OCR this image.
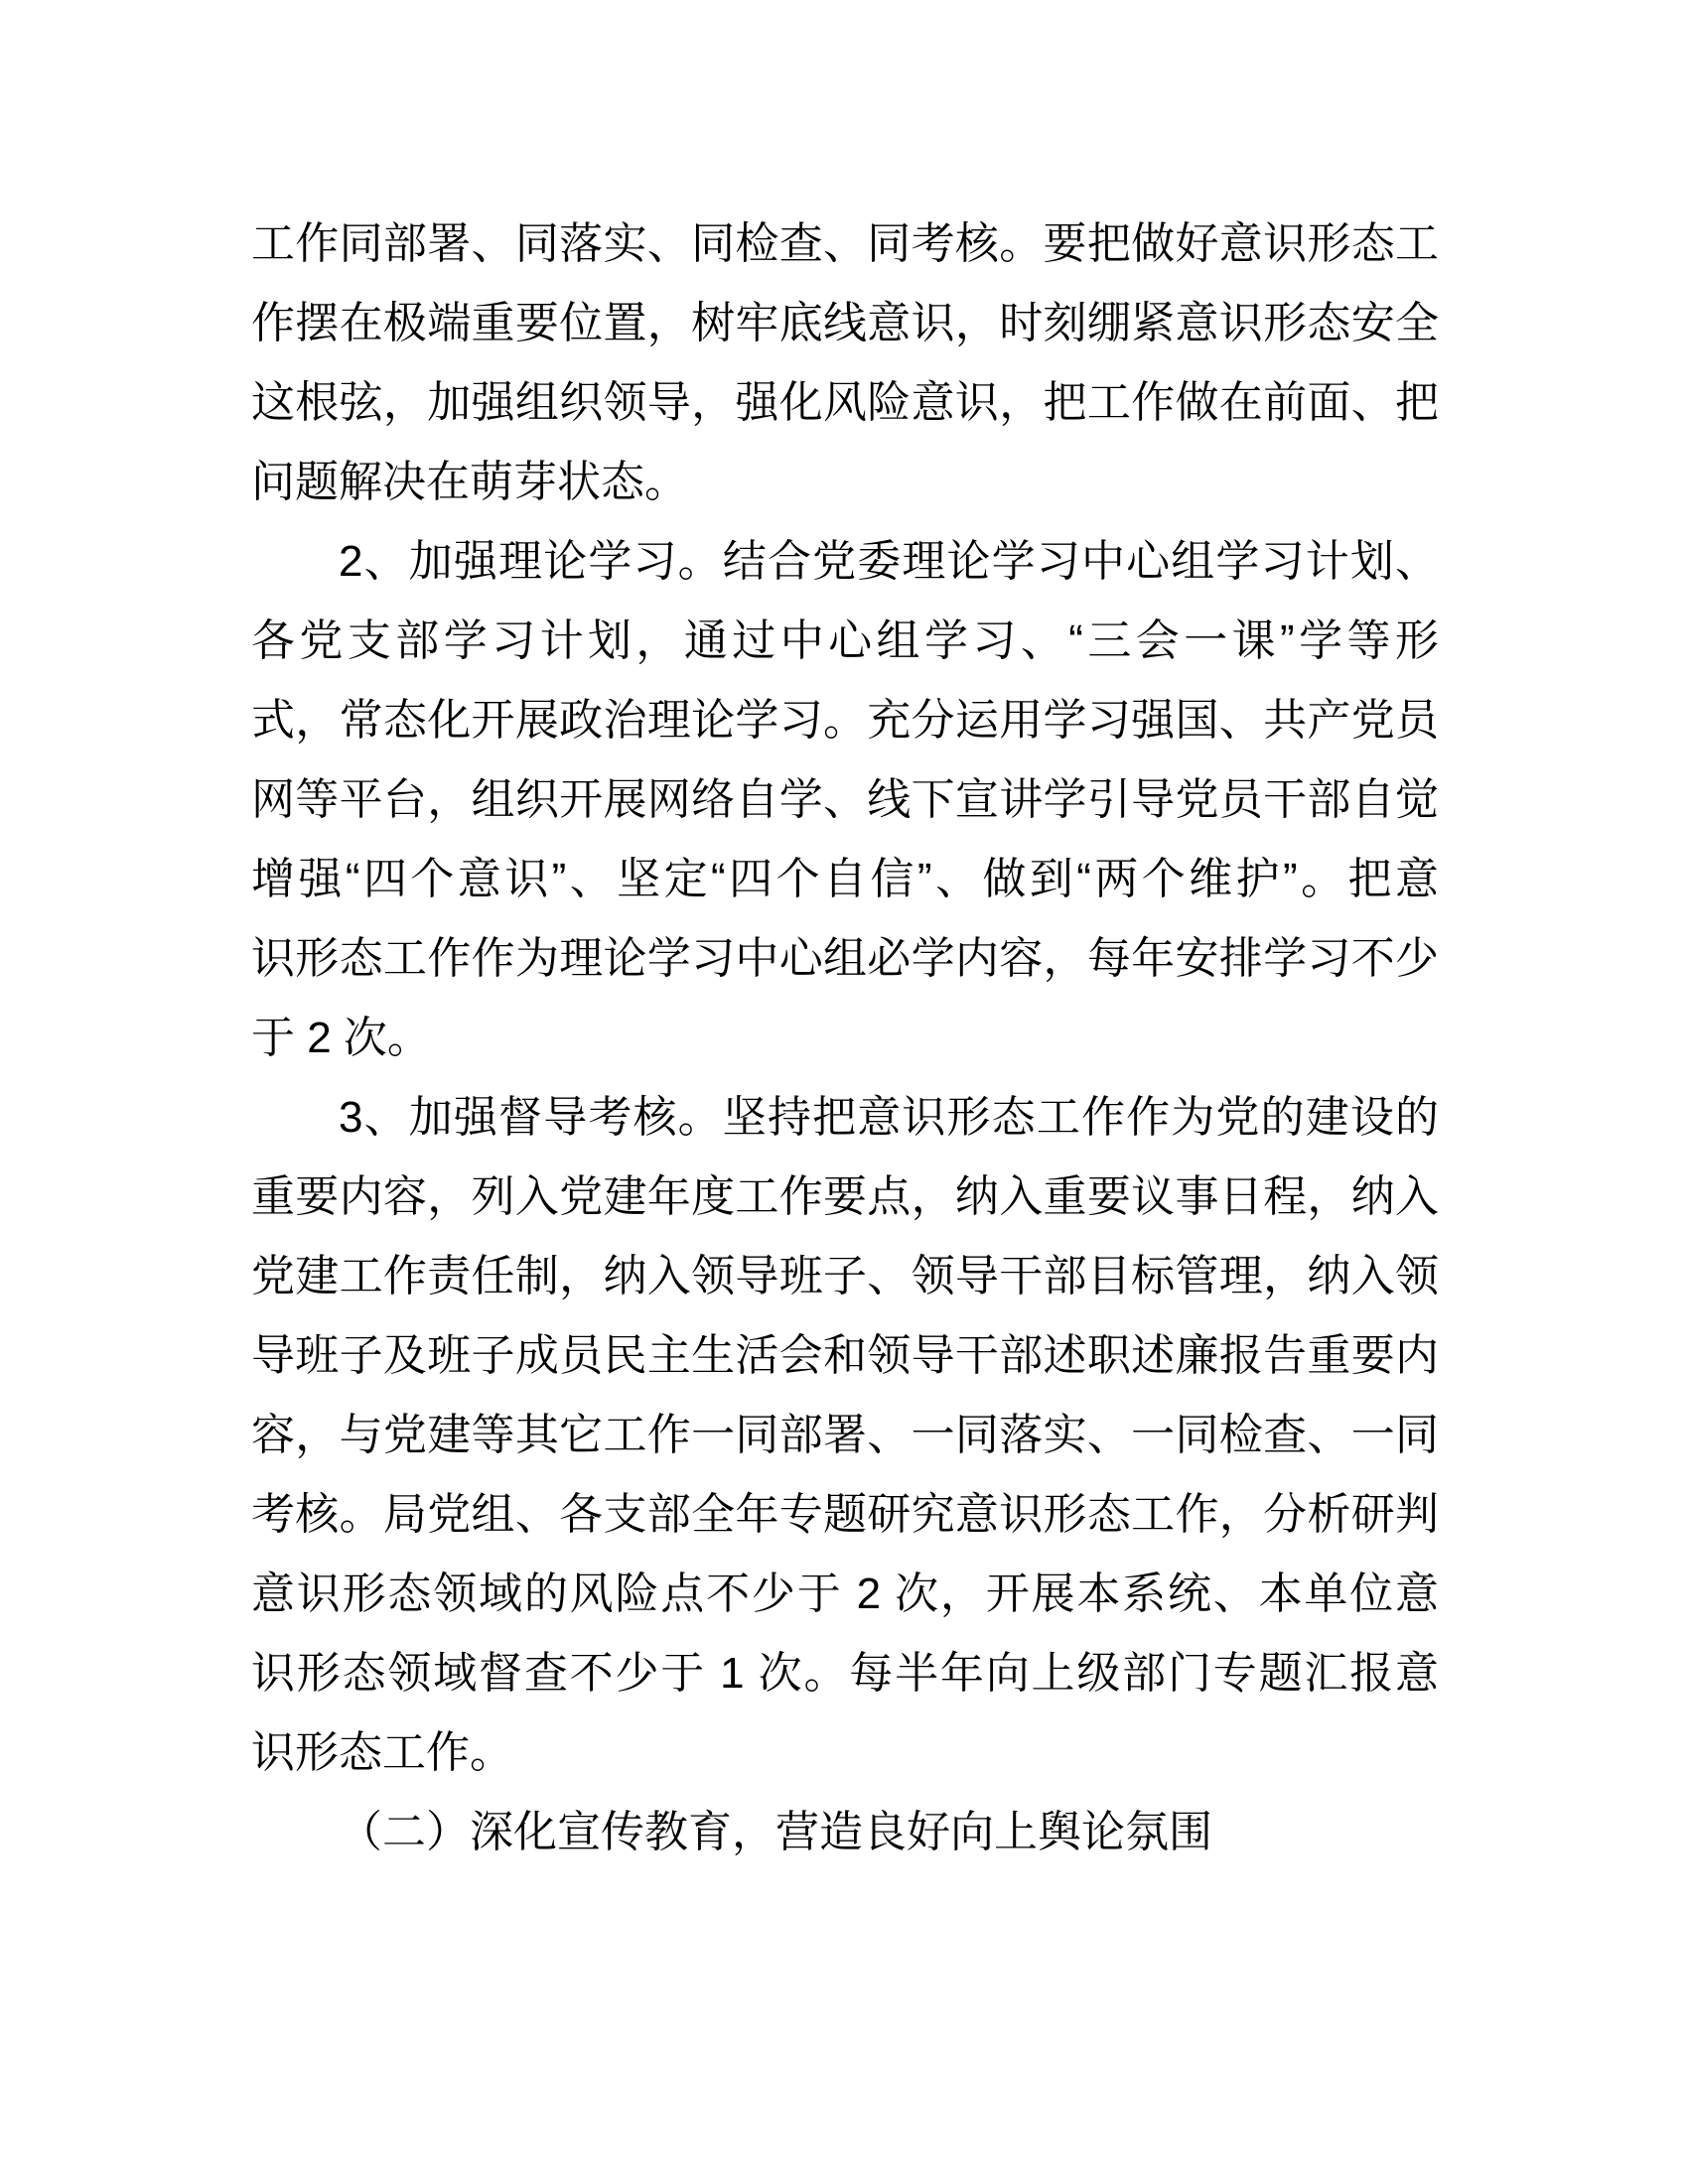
工作同部署、同落实、同检查、同考核。要把做好意识形态工
作摆在极端重要位置，树牢底线意识，时刻绷紧意识形态安全
这根弦，加强组织领导，强化风险意识，把工作做在前面、把
问题解决在萌芽状态。
2、加强理论学习。结合党委理论学习中心组学习计划、
各党支部学习计划，通过中心组学习、“三会一课”学等形
式，常态化开展政治理论学习。充分运用学习强国、共产党员
网等平台，组织开展网络自学、线下宣讲学引导党员干部自觉
增强“四个意识”、坚定“四个自信”、做到“两个维护”。把意
识形态工作作为理论学习中心组必学内容，每年安排学习不少
于 2 次。
3、加强督导考核。坚持把意识形态工作作为党的建设的
重要内容，列入党建年度工作要点，纳入重要议事日程，纳入
党建工作责任制，纳入领导班子、领导干部目标管理，纳入领
导班子及班子成员民主生活会和领导干部述职述廉报告重要内
容，与党建等其它工作一同部署、一同落实、一同检查、一同
考核。局党组、各支部全年专题研究意识形态工作，分析研判
意识形态领域的风险点不少于 2 次，开展本系统、本单位意
识形态领域督查不少于 1 次。每半年向上级部门专题汇报意
识形态工作。
（二）深化宣传教育，营造良好向上舆论氛围
